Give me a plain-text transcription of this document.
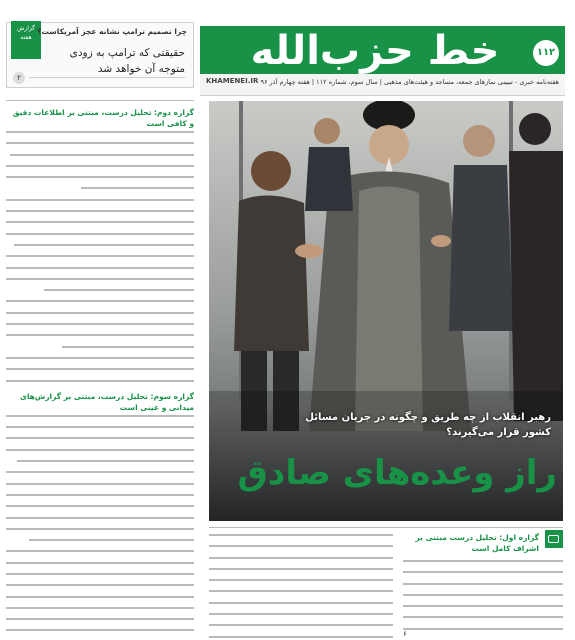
خط حزب‌الله	۱۱۲
هفته‌نامه خبری - تبیینی نمازهای جمعه، مساجد و هیئت‌های مذهبی | سال سوم، شماره ۱۱۲ | هفته چهارم آذر ۹۶
KHAMENEI.IR
گزارش هفته
چرا تصمیم ترامپ نشانه عجز آمریکاست؟
حقیقتی که ترامپ به زودی متوجه آن خواهد شد
۲
گزاره دوم: تحلیل درست، مبتنی بر اطلاعات دقیق و کافی است
گزاره سوم: تحلیل درست، مبتنی بر گزارش‌های میدانی و عینی است
رهبر انقلاب از چه طریق و چگونه در جریان مسائل کشور قرار می‌گیرند؟
راز وعده‌های صادق
گزاره اول: تحلیل درست مبتنی بر اشراف کامل است
۶
